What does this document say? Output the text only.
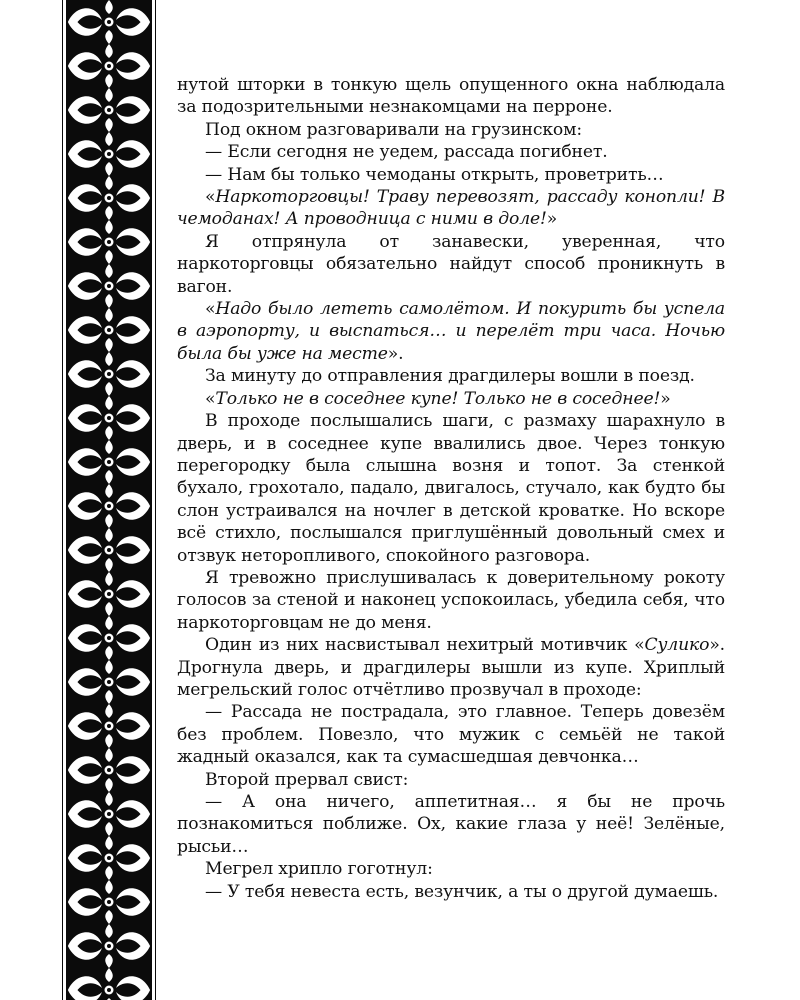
нутой шторки в тонкую щель опущенного окна наблюдала за подозрительными незнакомцами на перроне.

Под окном разговаривали на грузинском:

— Если сегодня не уедем, рассада погибнет.

— Нам бы только чемоданы открыть, проветрить…

«Наркоторговцы! Траву перевозят, рассаду конопли! В чемоданах! А проводница с ними в доле!»

Я отпрянула от занавески, уверенная, что наркоторговцы обязательно найдут способ проникнуть в вагон.

«Надо было лететь самолётом. И покурить бы успела в аэропорту, и выспаться… и перелёт три часа. Ночью была бы уже на месте».

За минуту до отправления драгдилеры вошли в поезд.

«Только не в соседнее купе! Только не в соседнее!»

В проходе послышались шаги, с размаху шарахнуло в дверь, и в соседнее купе ввалились двое. Через тонкую перегородку была слышна возня и топот. За стенкой бухало, грохотало, падало, двигалось, стучало, как будто бы слон устраивался на ночлег в детской кроватке. Но вскоре всё стихло, послышался приглушённый довольный смех и отзвук неторопливого, спокойного разговора.

Я тревожно прислушивалась к доверительному рокоту голосов за стеной и наконец успокоилась, убедила себя, что наркоторговцам не до меня.

Один из них насвистывал нехитрый мотивчик «Сулико». Дрогнула дверь, и драгдилеры вышли из купе. Хриплый мегрельский голос отчётливо прозвучал в проходе:

— Рассада не пострадала, это главное. Теперь довезём без проблем. Повезло, что мужик с семьёй не такой жадный оказался, как та сумасшедшая девчонка…

Второй прервал свист:

— А она ничего, аппетитная… я бы не прочь познакомиться поближе. Ох, какие глаза у неё! Зелёные, рысьи…

Мегрел хрипло гоготнул:

— У тебя невеста есть, везунчик, а ты о другой думаешь.
